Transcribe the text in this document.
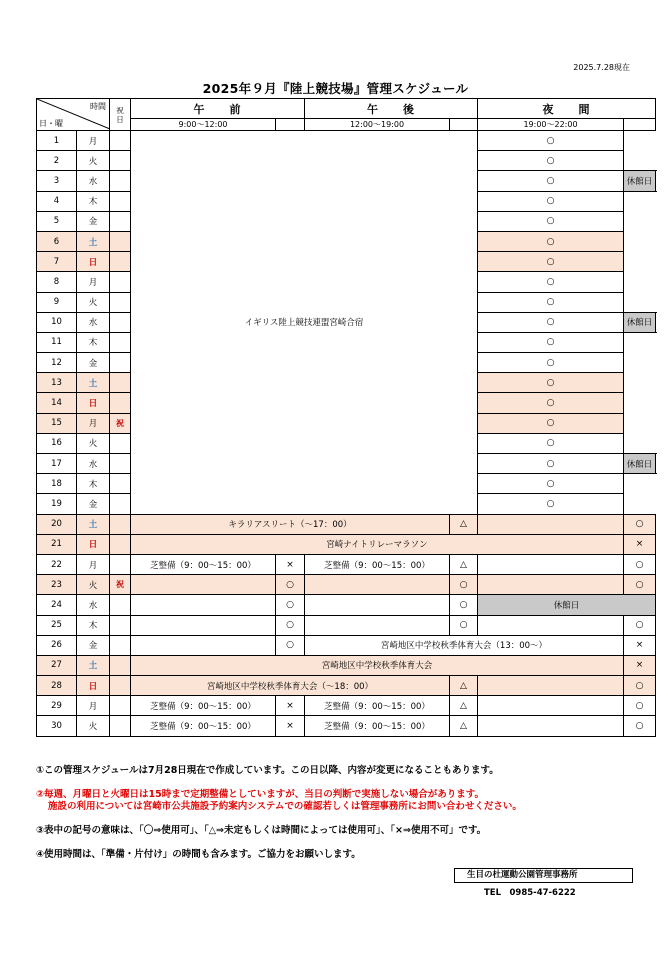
2025.7.28現在
2025年９月『陸上競技場』管理スケジュール
時間
日・曜		祝日	午　　前		午　　後		夜　　間	
			9:00～12:00		12:00～19:00		19:00～22:00	
1	月		イギリス陸上競技連盟宮崎合宿				○	
2	火						○	
3	水						○	休館日
4	木						○	
5	金						○	
6	土						○	
7	日						○	
8	月						○	
9	火						○	
10	水						○	休館日
11	木						○	
12	金						○	
13	土						○	
14	日						○	
15	月	祝					○	
16	火						○	
17	水						○	休館日
18	木						○	
19	金						○	
20	土		キラリアスリート（～17：00）			△		○
21	日		宮崎ナイトリレーマラソン					×
22	月		芝整備（9：00～15：00）	×	芝整備（9：00～15：00）	△		○
23	火	祝		○		○		○
24	水			○		○	休館日	
25	木			○		○		○
26	金			○	宮崎地区中学校秋季体育大会（13：00～）			×
27	土		宮崎地区中学校秋季体育大会					×
28	日		宮崎地区中学校秋季体育大会（～18：00）			△		○
29	月		芝整備（9：00～15：00）	×	芝整備（9：00～15：00）	△		○
30	火		芝整備（9：00～15：00）	×	芝整備（9：00～15：00）	△		○

①この管理スケジュールは7月28日現在で作成しています。この日以降、内容が変更になることもあります。

②毎週、月曜日と火曜日は15時まで定期整備としていますが、当日の判断で実施しない場合があります。

施設の利用については宮崎市公共施設予約案内システムでの確認若しくは管理事務所にお問い合わせください。

③表中の記号の意味は、「〇⇒使用可」、「△⇒未定もしくは時間によっては使用可」、「×⇒使用不可」です。

④使用時間は、「準備・片付け」の時間も含みます。ご協力をお願いします。

生目の杜運動公園管理事務所
TEL　0985-47-6222
